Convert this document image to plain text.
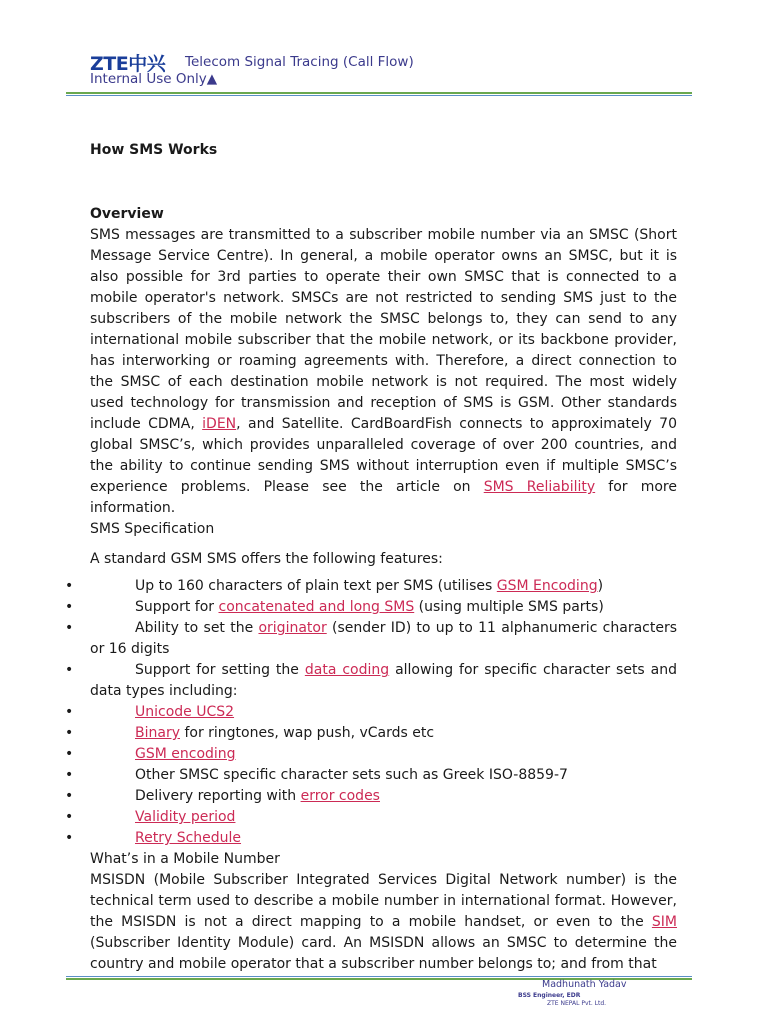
ZTE中兴 Telecom Signal Tracing (Call Flow)
Internal Use Only▲

How SMS Works

Overview

SMS messages are transmitted to a subscriber mobile number via an SMSC (Short Message Service Centre). In general, a mobile operator owns an SMSC, but it is also possible for 3rd parties to operate their own SMSC that is connected to a mobile operator's network. SMSCs are not restricted to sending SMS just to the subscribers of the mobile network the SMSC belongs to, they can send to any international mobile subscriber that the mobile network, or its backbone provider, has interworking or roaming agreements with. Therefore, a direct connection to the SMSC of each destination mobile network is not required. The most widely used technology for transmission and reception of SMS is GSM. Other standards include CDMA, iDEN, and Satellite. CardBoardFish connects to approximately 70 global SMSC’s, which provides unparalleled coverage of over 200 countries, and the ability to continue sending SMS without interruption even if multiple SMSC’s experience problems. Please see the article on SMS Reliability for more information.

SMS Specification

A standard GSM SMS offers the following features:

•	Up to 160 characters of plain text per SMS (utilises GSM Encoding)
•	Support for concatenated and long SMS (using multiple SMS parts)
•	Ability to set the originator (sender ID) to up to 11 alphanumeric characters or 16 digits
•	Support for setting the data coding allowing for specific character sets and data types including:
•	Unicode UCS2
•	Binary for ringtones, wap push, vCards etc
•	GSM encoding
•	Other SMSC specific character sets such as Greek ISO-8859-7
•	Delivery reporting with error codes
•	Validity period
•	Retry Schedule

What’s in a Mobile Number

MSISDN (Mobile Subscriber Integrated Services Digital Network number) is the technical term used to describe a mobile number in international format. However, the MSISDN is not a direct mapping to a mobile handset, or even to the SIM (Subscriber Identity Module) card. An MSISDN allows an SMSC to determine the country and mobile operator that a subscriber number belongs to; and from that

Madhunath Yadav
BSS Engineer, EDR
ZTE NEPAL Pvt. Ltd.
